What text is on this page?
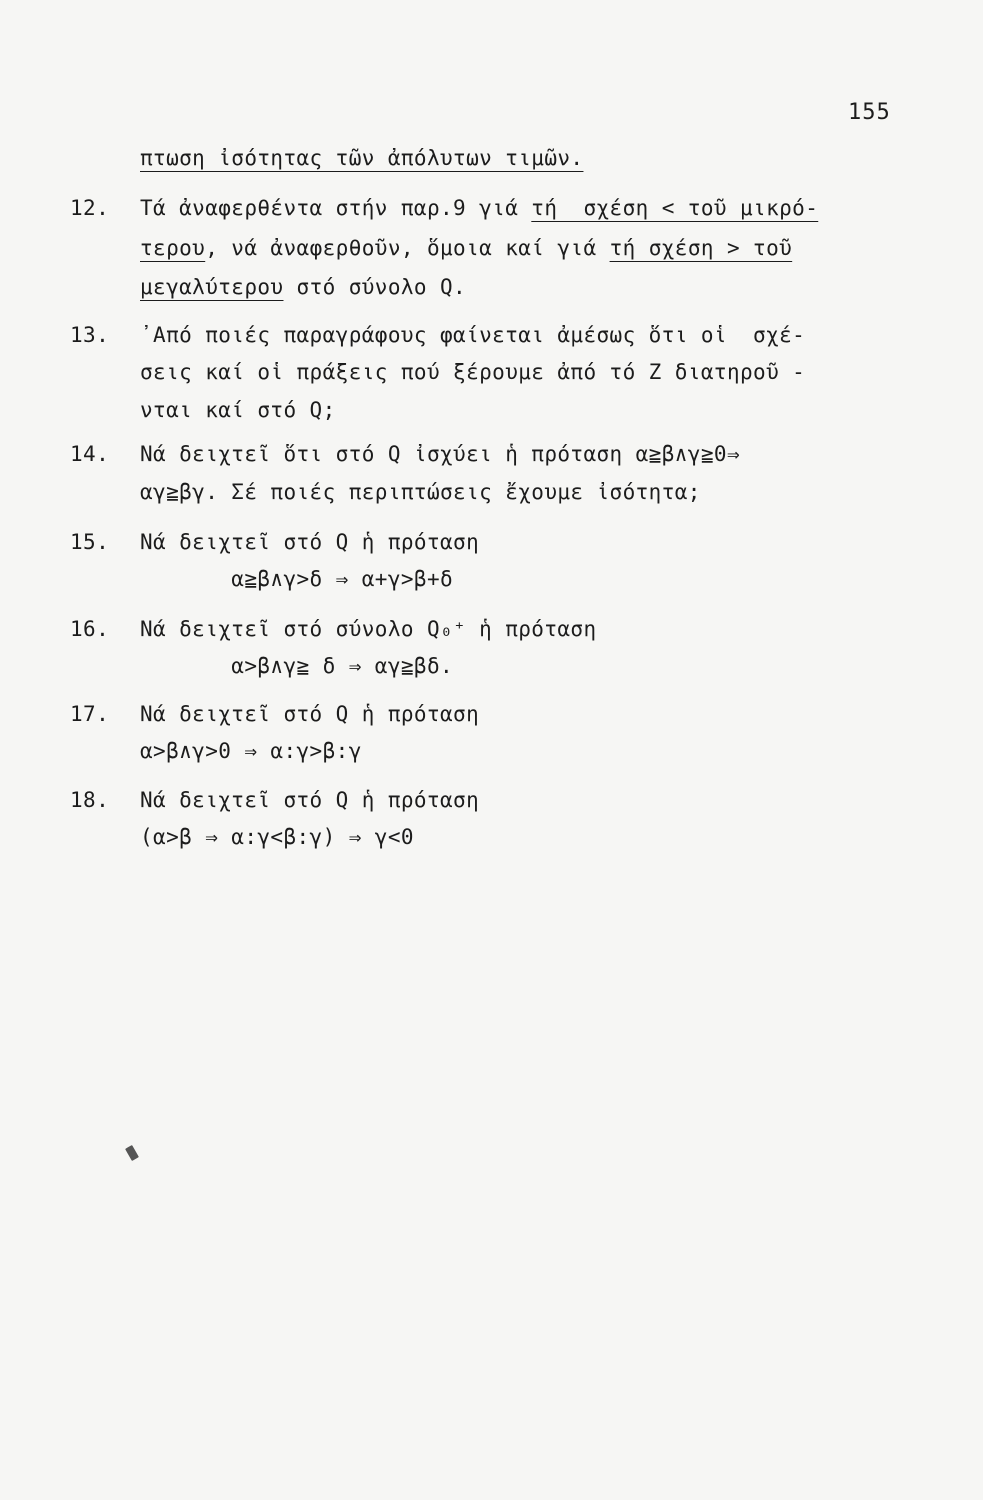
155

πτωση ἰσότητας τῶν ἀπόλυτων τιμῶν.
12. Τά ἀναφερθέντα στήν παρ.9 γιά τή  σχέση < τοῦ μικρό-
τερου, νά ἀναφερθοῦν, ὅμοια καί γιά τή σχέση > τοῦ
μεγαλύτερου στό σύνολο Q.
13. ᾿Από ποιές παραγράφους φαίνεται ἀμέσως ὅτι οἱ  σχέ-
σεις καί οἱ πράξεις πού ξέρουμε ἀπό τό Z διατηροῦ -
νται καί στό Q;
14. Νά δειχτεῖ ὅτι στό Q ἰσχύει ἡ πρόταση α≧β∧γ≧0⇒
αγ≧βγ. Σέ ποιές περιπτώσεις ἔχουμε ἰσότητα;
15. Νά δειχτεῖ στό Q ἡ πρόταση
α≧β∧γ>δ ⇒ α+γ>β+δ
16. Νά δειχτεῖ στό σύνολο Q₀⁺ ἡ πρόταση
α>β∧γ≧ δ ⇒ αγ≧βδ.
17. Νά δειχτεῖ στό Q ἡ πρόταση
α>β∧γ>0 ⇒ α:γ>β:γ
18. Νά δειχτεῖ στό Q ἡ πρόταση
(α>β ⇒ α:γ<β:γ) ⇒ γ<0
